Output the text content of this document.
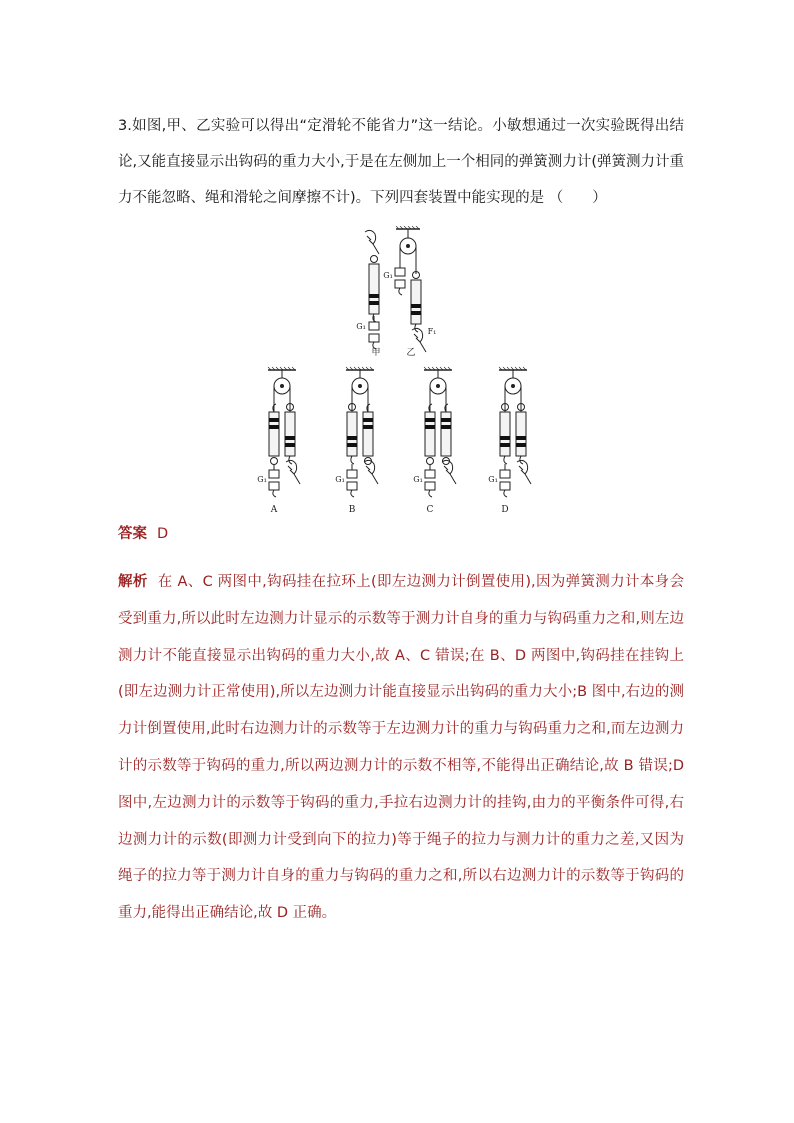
3.如图,甲、乙实验可以得出“定滑轮不能省力”这一结论。小敏想通过一次实验既得出结论,又能直接显示出钩码的重力大小,于是在左侧加上一个相同的弹簧测力计(弹簧测力计重力不能忽略、绳和滑轮之间摩擦不计)。下列四套装置中能实现的是 （　　）
G₁
甲
G₁
F₁
乙
G₁
A
G₁
B
G₁
C
G₁
D
答案 D
解析 在 A、C 两图中,钩码挂在拉环上(即左边测力计倒置使用),因为弹簧测力计本身会受到重力,所以此时左边测力计显示的示数等于测力计自身的重力与钩码重力之和,则左边测力计不能直接显示出钩码的重力大小,故 A、C 错误;在 B、D 两图中,钩码挂在挂钩上(即左边测力计正常使用),所以左边测力计能直接显示出钩码的重力大小;B 图中,右边的测力计倒置使用,此时右边测力计的示数等于左边测力计的重力与钩码重力之和,而左边测力计的示数等于钩码的重力,所以两边测力计的示数不相等,不能得出正确结论,故 B 错误;D 图中,左边测力计的示数等于钩码的重力,手拉右边测力计的挂钩,由力的平衡条件可得,右边测力计的示数(即测力计受到向下的拉力)等于绳子的拉力与测力计的重力之差,又因为绳子的拉力等于测力计自身的重力与钩码的重力之和,所以右边测力计的示数等于钩码的重力,能得出正确结论,故 D 正确。
